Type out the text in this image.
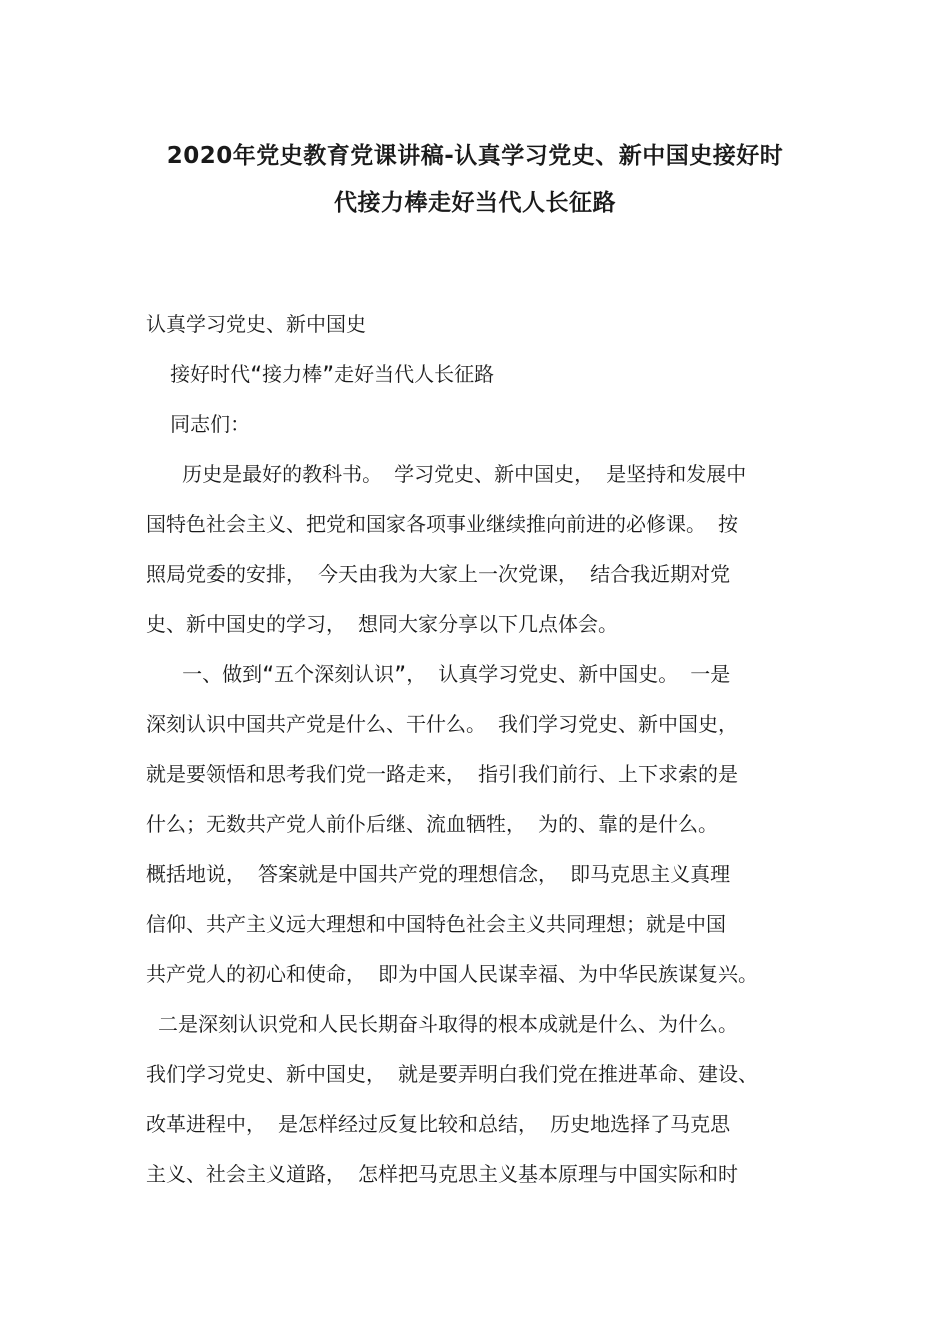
2020年党史教育党课讲稿-认真学习党史、新中国史接好时
代接力棒走好当代人长征路
认真学习党史、新中国史
接好时代“接力棒”走好当代人长征路
同志们：
历史是最好的教科书。 学习党史、新中国史， 是坚持和发展中
国特色社会主义、把党和国家各项事业继续推向前进的必修课。 按
照局党委的安排， 今天由我为大家上一次党课， 结合我近期对党
史、新中国史的学习， 想同大家分享以下几点体会。
一、做到“五个深刻认识”， 认真学习党史、新中国史。 一是
深刻认识中国共产党是什么、干什么。 我们学习党史、新中国史，
就是要领悟和思考我们党一路走来， 指引我们前行、上下求索的是
什么；无数共产党人前仆后继、流血牺牲， 为的、靠的是什么。
概括地说， 答案就是中国共产党的理想信念， 即马克思主义真理
信仰、共产主义远大理想和中国特色社会主义共同理想；就是中国
共产党人的初心和使命， 即为中国人民谋幸福、为中华民族谋复兴。
二是深刻认识党和人民长期奋斗取得的根本成就是什么、为什么。
我们学习党史、新中国史， 就是要弄明白我们党在推进革命、建设、
改革进程中， 是怎样经过反复比较和总结， 历史地选择了马克思
主义、社会主义道路， 怎样把马克思主义基本原理与中国实际和时
